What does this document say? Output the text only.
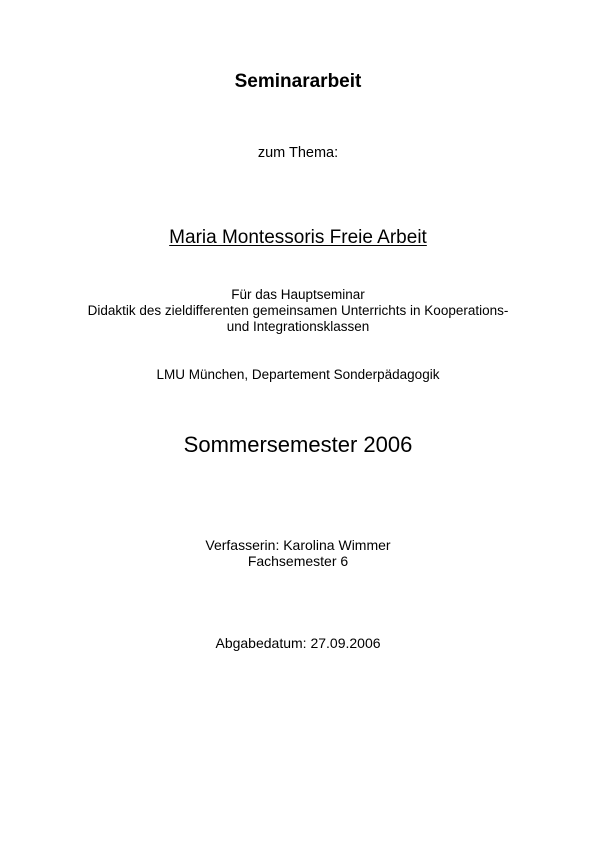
Seminararbeit
zum Thema:
Maria Montessoris Freie Arbeit
Für das Hauptseminar
Didaktik des zieldifferenten gemeinsamen Unterrichts in Kooperations-
und Integrationsklassen
LMU München, Departement Sonderpädagogik
Sommersemester 2006
Verfasserin: Karolina Wimmer
Fachsemester 6
Abgabedatum: 27.09.2006
